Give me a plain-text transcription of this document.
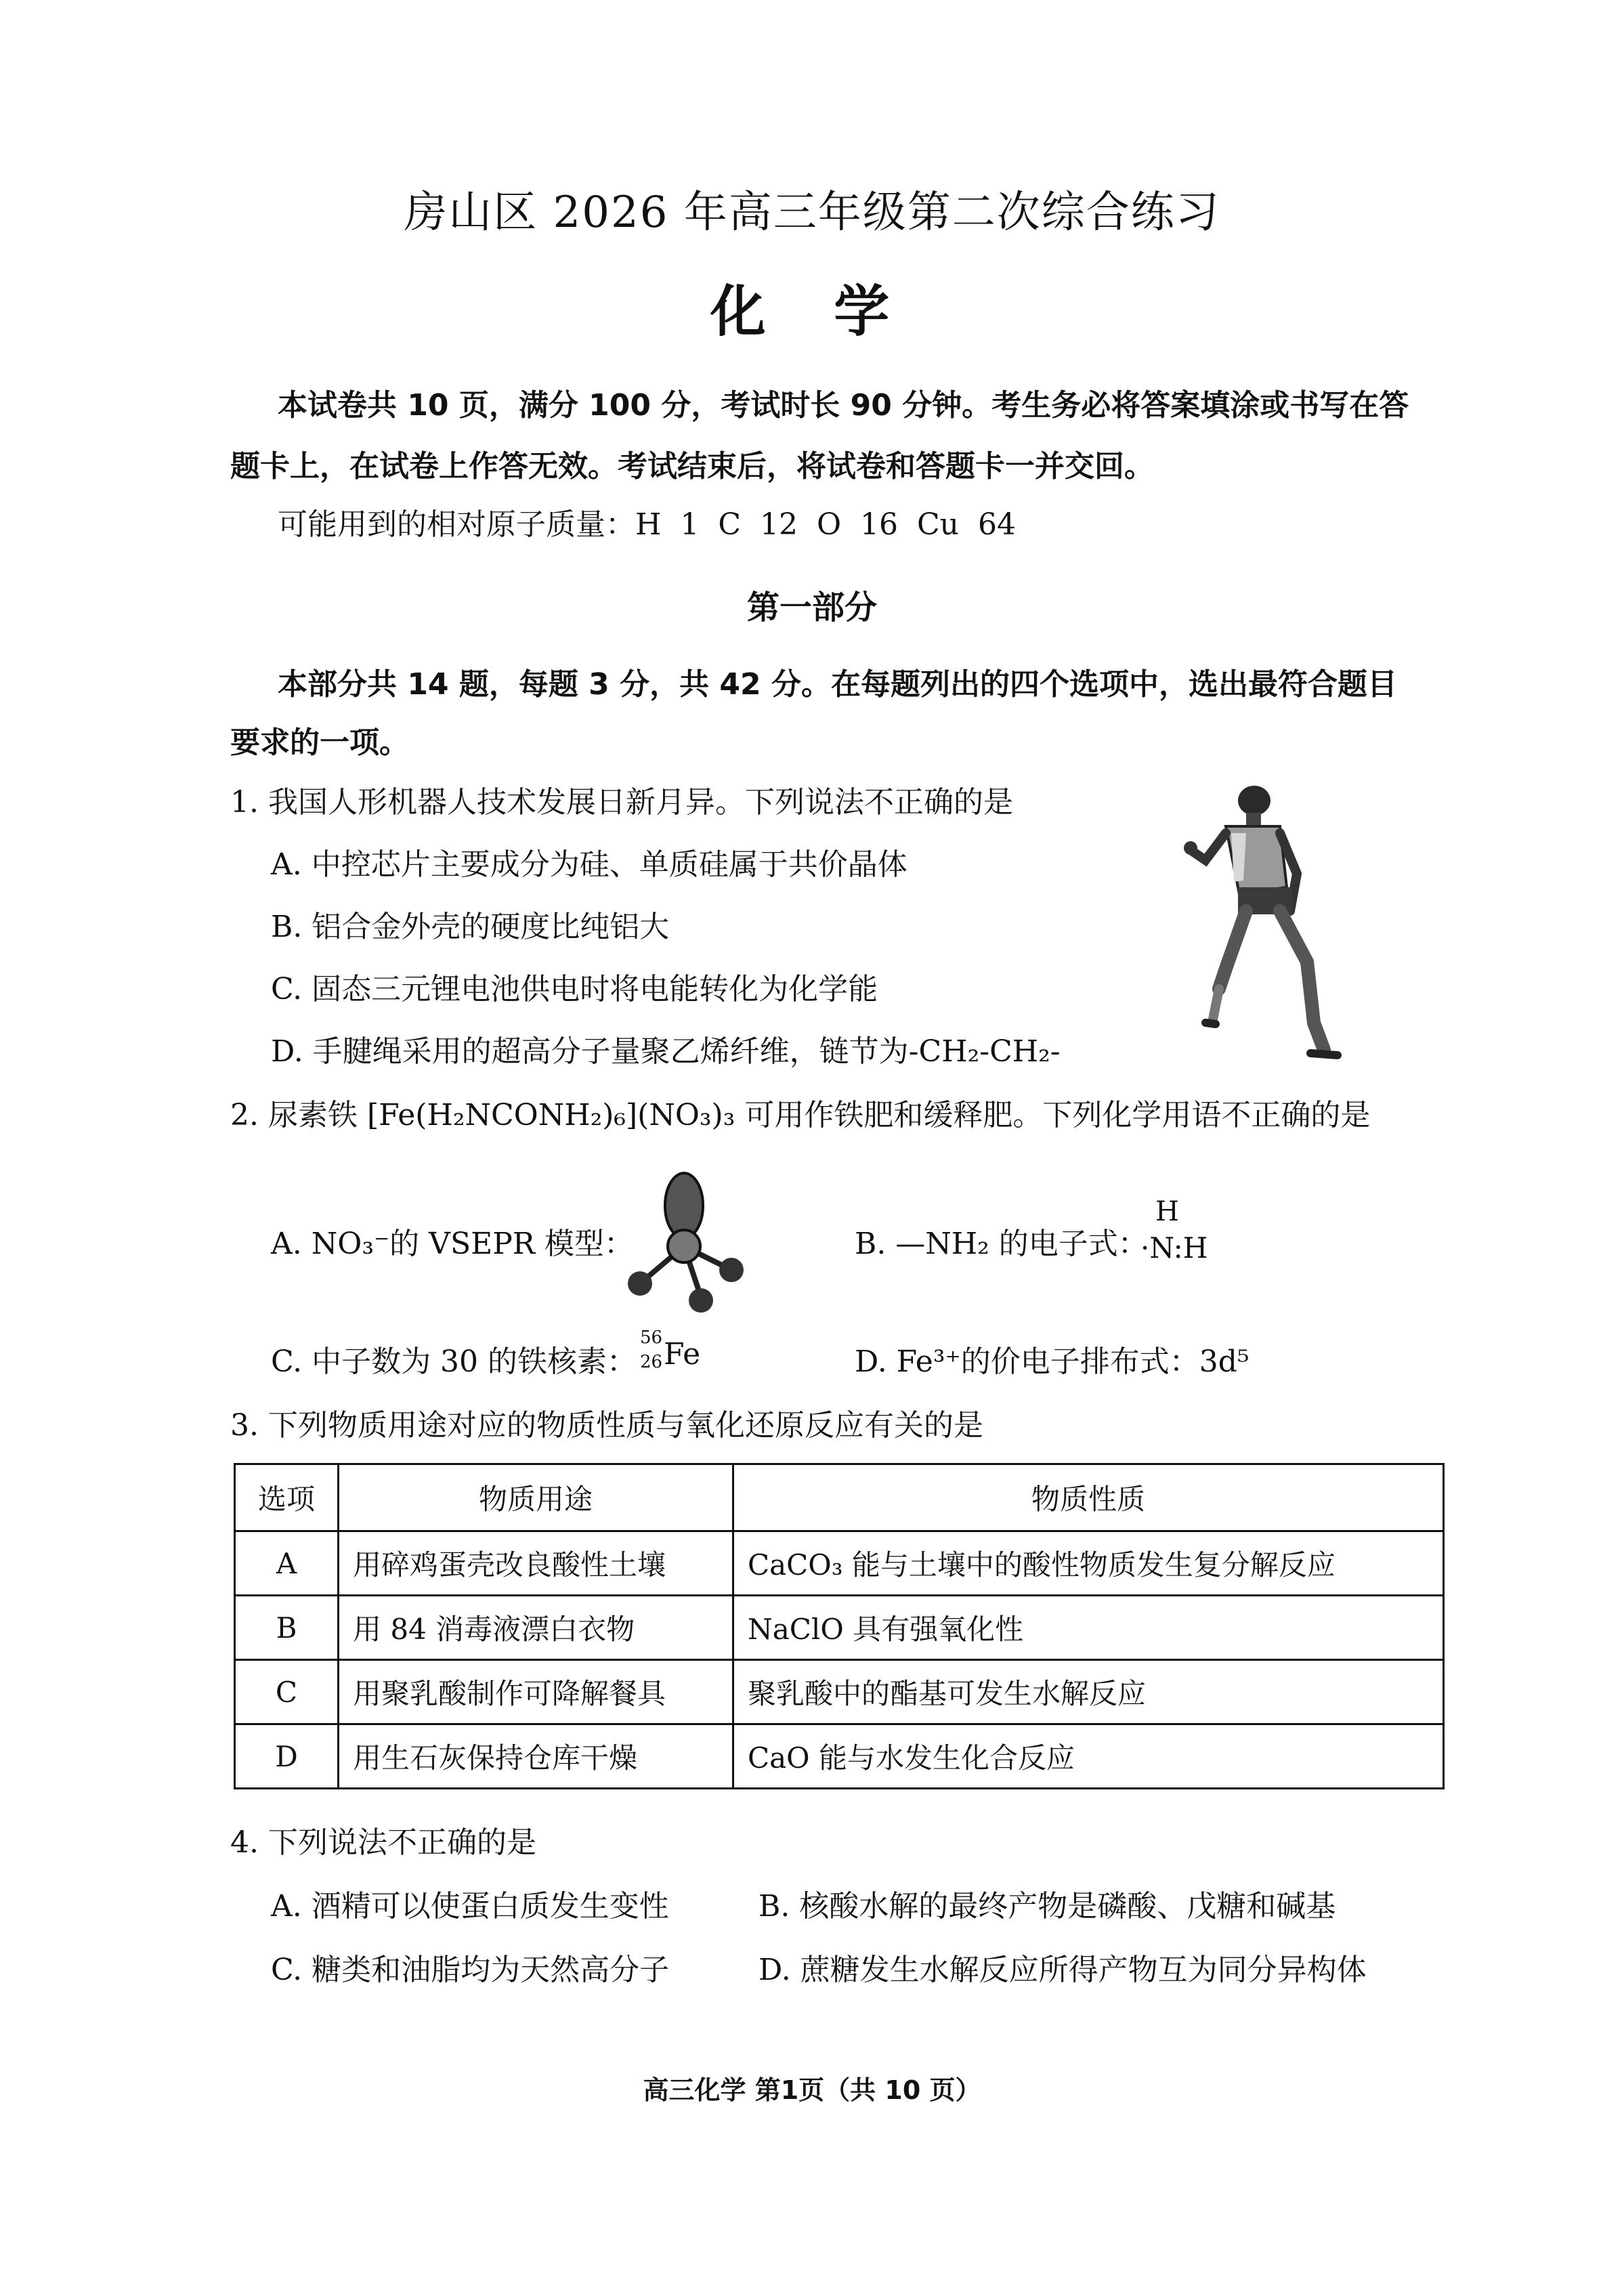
房山区 2026 年高三年级第二次综合练习
化 学
本试卷共 10 页，满分 100 分，考试时长 90 分钟。考生务必将答案填涂或书写在答
题卡上，在试卷上作答无效。考试结束后，将试卷和答题卡一并交回。
可能用到的相对原子质量：H 1 C 12 O 16 Cu 64
第一部分
本部分共 14 题，每题 3 分，共 42 分。在每题列出的四个选项中，选出最符合题目
要求的一项。
1. 我国人形机器人技术发展日新月异。下列说法不正确的是
A. 中控芯片主要成分为硅、单质硅属于共价晶体
B. 铝合金外壳的硬度比纯铝大
C. 固态三元锂电池供电时将电能转化为化学能
D. 手腱绳采用的超高分子量聚乙烯纤维，链节为-CH₂-CH₂-
2. 尿素铁 [Fe(H₂NCONH₂)₆](NO₃)₃ 可用作铁肥和缓释肥。下列化学用语不正确的是
A. NO₃⁻的 VSEPR 模型：	B. —NH₂ 的电子式：
H
·N:H
C. 中子数为 30 的铁核素：
56
26 Fe	D. Fe³⁺的价电子排布式：3d⁵
3. 下列物质用途对应的物质性质与氧化还原反应有关的是
选项	物质用途	物质性质
A	用碎鸡蛋壳改良酸性土壤	CaCO₃ 能与土壤中的酸性物质发生复分解反应
B	用 84 消毒液漂白衣物	NaClO 具有强氧化性
C	用聚乳酸制作可降解餐具	聚乳酸中的酯基可发生水解反应
D	用生石灰保持仓库干燥	CaO 能与水发生化合反应
4. 下列说法不正确的是
A. 酒精可以使蛋白质发生变性	B. 核酸水解的最终产物是磷酸、戊糖和碱基
C. 糖类和油脂均为天然高分子	D. 蔗糖发生水解反应所得产物互为同分异构体
高三化学 第1页（共 10 页）
